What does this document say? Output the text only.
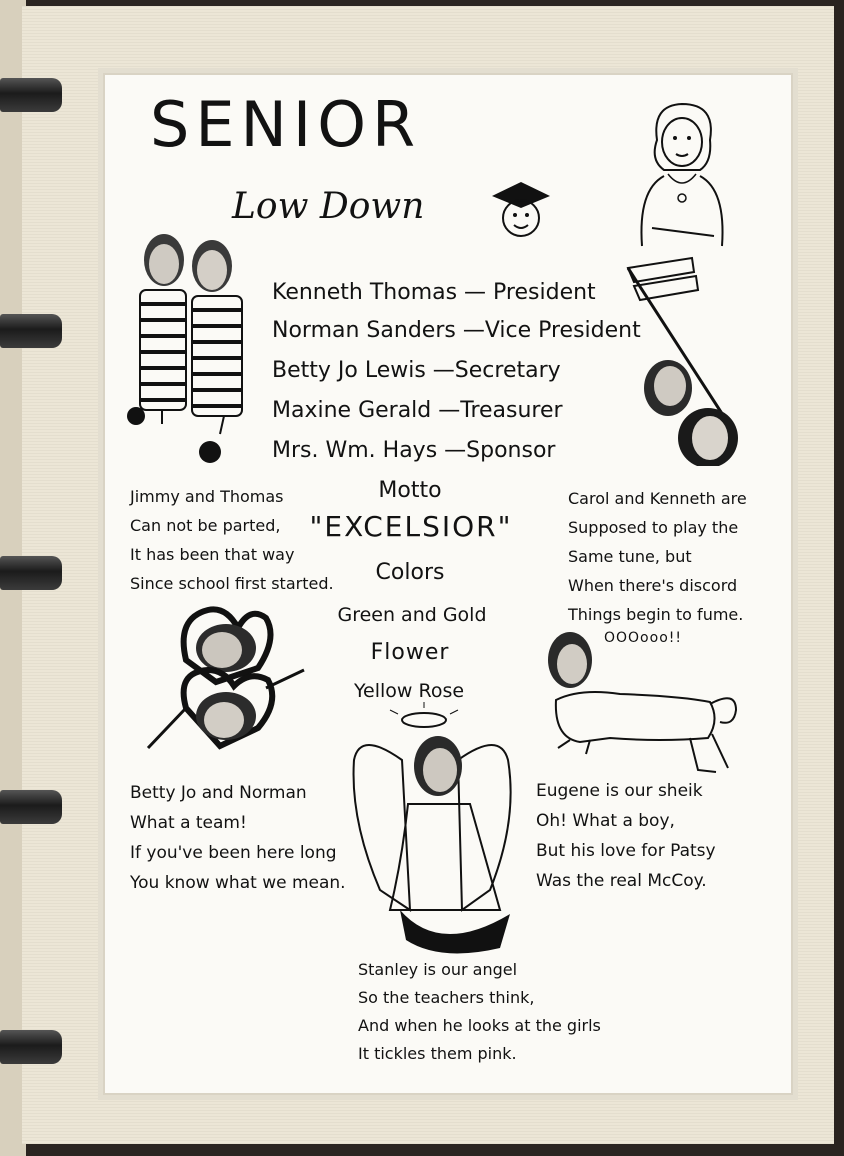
SENIOR
Low Down
Kenneth Thomas — President
Norman Sanders —Vice President
Betty Jo Lewis —Secretary
Maxine Gerald —Treasurer
Mrs. Wm. Hays —Sponsor
Motto
"EXCELSIOR"
Colors
Green and Gold
Flower
Yellow Rose
Jimmy and Thomas
Can not be parted,
It has been that way
Since school first started.
Carol and Kenneth are
Supposed to play the
Same tune, but
When there's discord
Things begin to fume.
OOOooo!!
Betty Jo and Norman
What a team!
If you've been here long
You know what we mean.
Eugene is our sheik
Oh! What a boy,
But his love for Patsy
Was the real McCoy.
Stanley is our angel
So the teachers think,
And when he looks at the girls
It tickles them pink.
